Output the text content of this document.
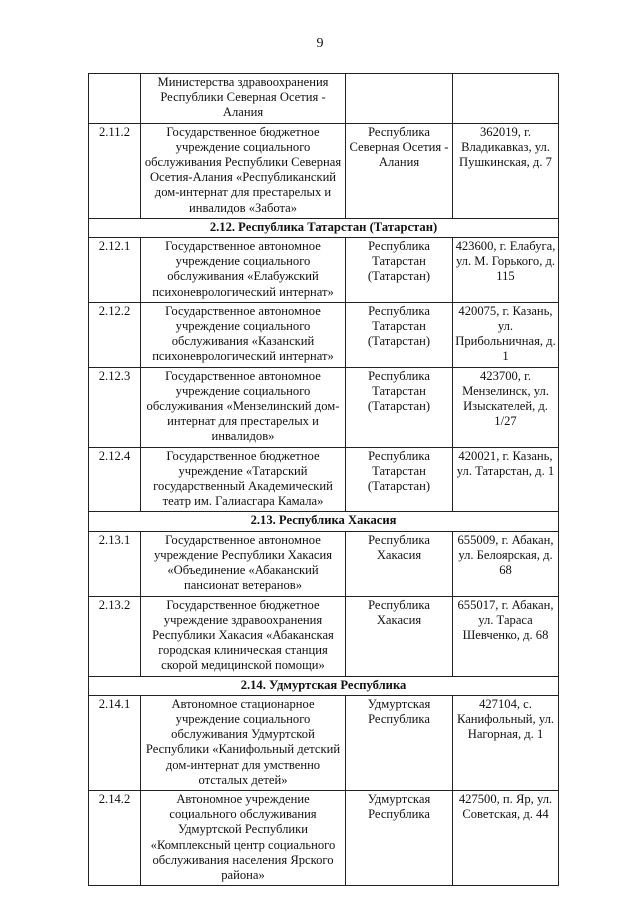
9
	Министерства здравоохранения Республики Северная Осетия - Алания		
2.11.2	Государственное бюджетное учреждение социального обслуживания Республики Северная Осетия-Алания «Республиканский дом-интернат для престарелых и инвалидов «Забота»	Республика Северная Осетия - Алания	362019, г. Владикавказ, ул. Пушкинская, д. 7
2.12. Республика Татарстан (Татарстан)			
2.12.1	Государственное автономное учреждение социального обслуживания «Елабужский психоневрологический интернат»	Республика Татарстан (Татарстан)	423600, г. Елабуга, ул. М. Горького, д. 115
2.12.2	Государственное автономное учреждение социального обслуживания «Казанский психоневрологический интернат»	Республика Татарстан (Татарстан)	420075, г. Казань, ул. Прибольничная, д. 1
2.12.3	Государственное автономное учреждение социального обслуживания «Мензелинский дом-интернат для престарелых и инвалидов»	Республика Татарстан (Татарстан)	423700, г. Мензелинск, ул. Изыскателей, д. 1/27
2.12.4	Государственное бюджетное учреждение «Татарский государственный Академический театр им. Галиасгара Камала»	Республика Татарстан (Татарстан)	420021, г. Казань, ул. Татарстан, д. 1
2.13. Республика Хакасия			
2.13.1	Государственное автономное учреждение Республики Хакасия «Объединение «Абаканский пансионат ветеранов»	Республика Хакасия	655009, г. Абакан, ул. Белоярская, д. 68
2.13.2	Государственное бюджетное учреждение здравоохранения Республики Хакасия «Абаканская городская клиническая станция скорой медицинской помощи»	Республика Хакасия	655017, г. Абакан, ул. Тараса Шевченко, д. 68
2.14. Удмуртская Республика			
2.14.1	Автономное стационарное учреждение социального обслуживания Удмуртской Республики «Канифольный детский дом-интернат для умственно отсталых детей»	Удмуртская Республика	427104, с. Канифольный, ул. Нагорная, д. 1
2.14.2	Автономное учреждение социального обслуживания Удмуртской Республики «Комплексный центр социального обслуживания населения Ярского района»	Удмуртская Республика	427500, п. Яр, ул. Советская, д. 44
